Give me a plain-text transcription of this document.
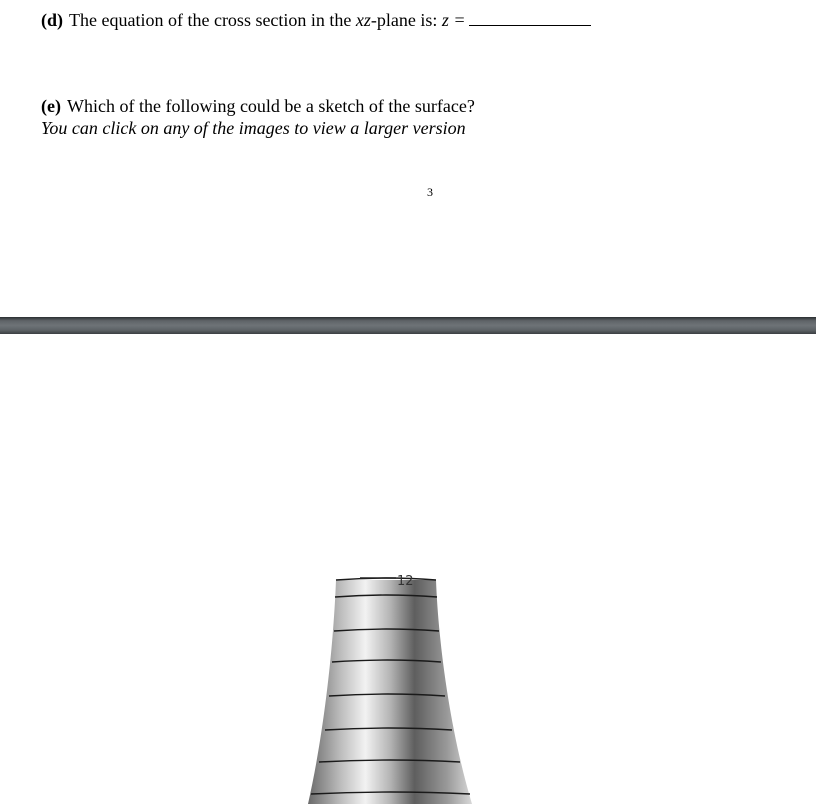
(d) The equation of the cross section in the xz-plane is: z =
(e) Which of the following could be a sketch of the surface?
You can click on any of the images to view a larger version
3
12
